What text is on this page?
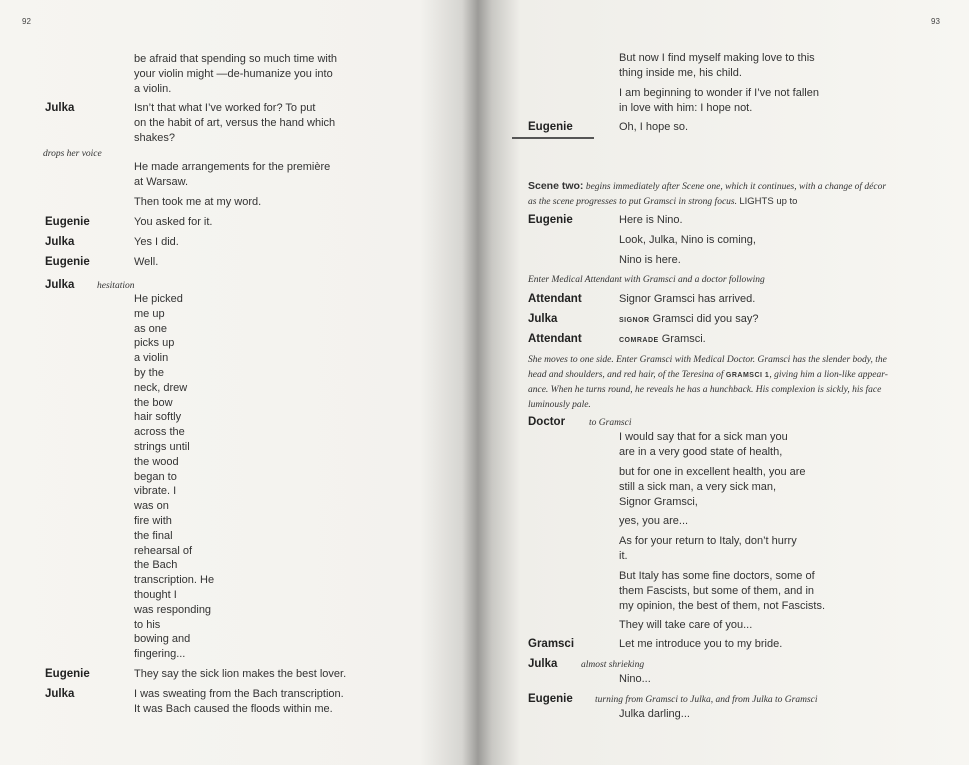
92	93
be afraid that spending so much time with
your violin might —de-humanize you into
a violin.
Julka	Isn’t that what I’ve worked for? To put
on the habit of art, versus the hand which
shakes?
drops her voice
He made arrangements for the première
at Warsaw.
Then took me at my word.
Eugenie	You asked for it.
Julka	Yes I did.
Eugenie	Well.
Julka hesitation
He picked
me up
as one
picks up
a violin
by the
neck, drew
the bow
hair softly
across the
strings until
the wood
began to
vibrate. I
was on
fire with
the final
rehearsal of
the Bach
transcription. He
thought I
was responding
to his
bowing and
fingering...
Eugenie	They say the sick lion makes the best lover.
Julka	I was sweating from the Bach transcription.
It was Bach caused the floods within me.
But now I find myself making love to this
thing inside me, his child.
I am beginning to wonder if I’ve not fallen
in love with him: I hope not.
Eugenie	Oh, I hope so.
Scene two: begins immediately after Scene one, which it continues, with a change of décor
as the scene progresses to put Gramsci in strong focus. LIGHTS up to
Eugenie	Here is Nino.
Look, Julka, Nino is coming,
Nino is here.
Enter Medical Attendant with Gramsci and a doctor following
Attendant	Signor Gramsci has arrived.
Julka	SIGNOR Gramsci did you say?
Attendant	COMRADE Gramsci.
She moves to one side. Enter Gramsci with Medical Doctor. Gramsci has the slender body, the
head and shoulders, and red hair, of the Teresina of GRAMSCI 1, giving him a lion-like appear-
ance. When he turns round, he reveals he has a hunchback. His complexion is sickly, his face
luminously pale.
Doctor	to Gramsci
I would say that for a sick man you
are in a very good state of health,
but for one in excellent health, you are
still a sick man, a very sick man,
Signor Gramsci,
yes, you are...
As for your return to Italy, don’t hurry
it.
But Italy has some fine doctors, some of
them Fascists, but some of them, and in
my opinion, the best of them, not Fascists.
They will take care of you...
Gramsci	Let me introduce you to my bride.
Julka almost shrieking
Nino...
Eugenie turning from Gramsci to Julka, and from Julka to Gramsci
Julka darling...
